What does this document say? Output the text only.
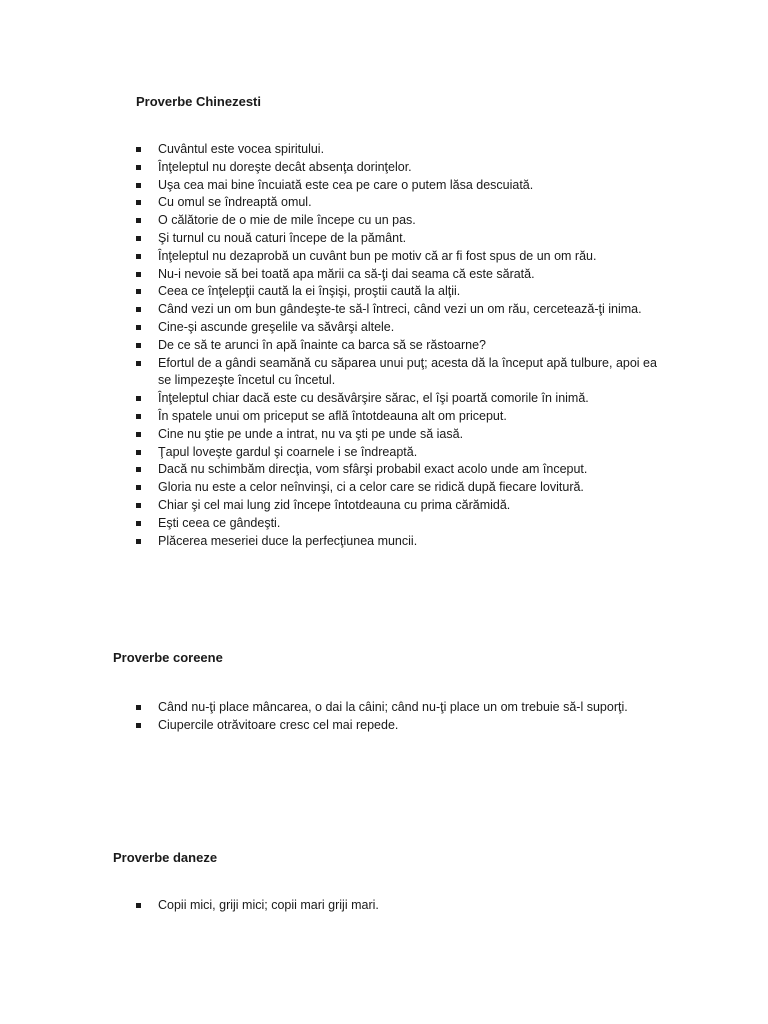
Proverbe Chinezesti
Cuvântul este vocea spiritului.
Înţeleptul nu doreşte decât absenţa dorinţelor.
Uşa cea mai bine încuiată este cea pe care o putem lăsa descuiată.
Cu omul se îndreaptă omul.
O călătorie de o mie de mile începe cu un pas.
Şi turnul cu nouă caturi începe de la pământ.
Înţeleptul nu dezaprobă un cuvânt bun pe motiv că ar fi fost spus de un om rău.
Nu-i nevoie să bei toată apa mării ca să-ţi dai seama că este sărată.
Ceea ce înţelepţii caută la ei înşişi, proştii caută la alţii.
Când vezi un om bun gândeşte-te să-l întreci, când vezi un om rău, cercetează-ţi inima.
Cine-şi ascunde greşelile va săvârşi altele.
De ce să te arunci în apă înainte ca barca să se răstoarne?
Efortul de a gândi seamănă cu săparea unui puţ; acesta dă la început apă tulbure, apoi ea se limpezeşte încetul cu încetul.
Înţeleptul chiar dacă este cu desăvârşire sărac, el îşi poartă comorile în inimă.
În spatele unui om priceput se află întotdeauna alt om priceput.
Cine nu ştie pe unde a intrat, nu va şti pe unde să iasă.
Ţapul loveşte gardul şi coarnele i se îndreaptă.
Dacă nu schimbăm direcţia, vom sfârşi probabil exact acolo unde am început.
Gloria nu este a celor neînvinşi, ci a celor care se ridică după fiecare lovitură.
Chiar şi cel mai lung zid începe întotdeauna cu prima cărămidă.
Eşti ceea ce gândeşti.
Plăcerea meseriei duce la perfecţiunea muncii.
Proverbe coreene
Când nu-ţi place mâncarea, o dai la câini; când nu-ţi place un om trebuie să-l suporţi.
Ciupercile otrăvitoare cresc cel mai repede.
Proverbe daneze
Copii mici, griji mici; copii mari griji mari.
